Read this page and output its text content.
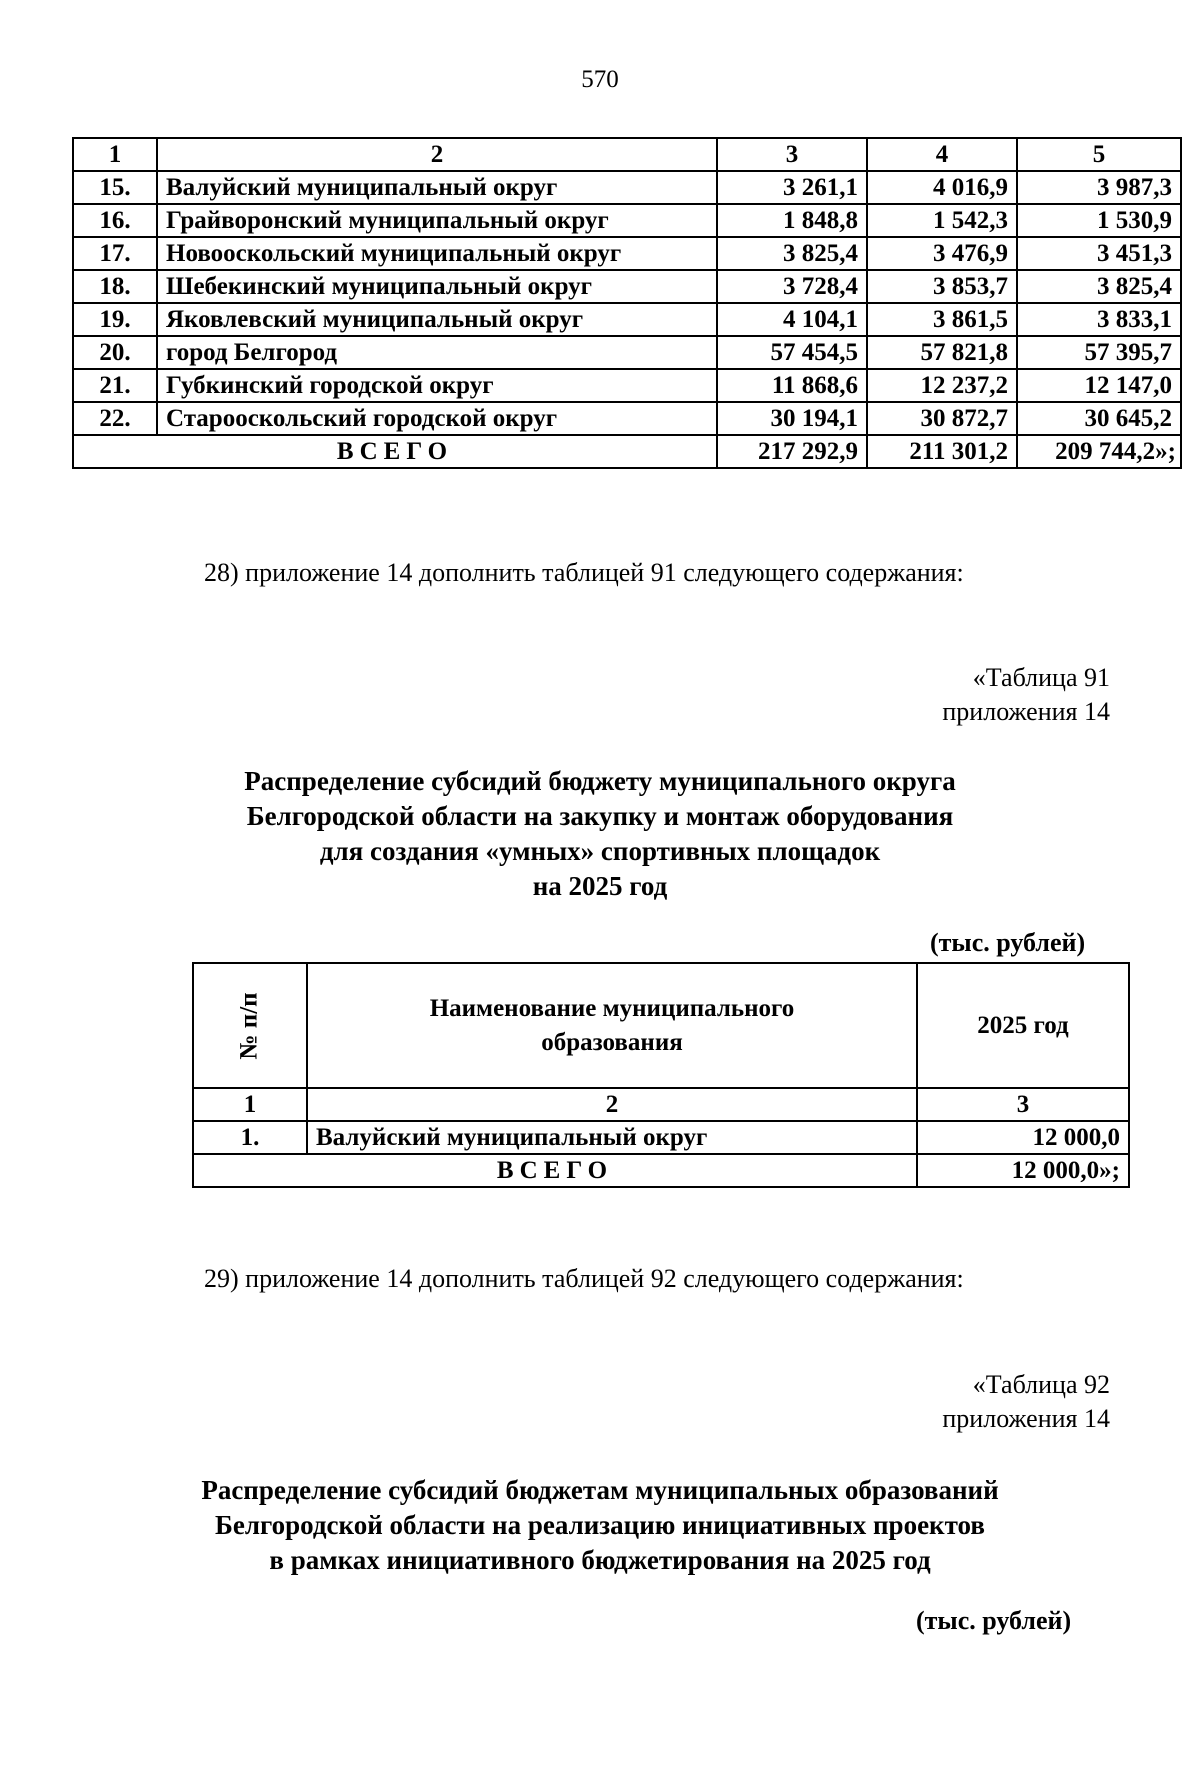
570
1	2	3	4	5
15.	Валуйский муниципальный округ	3 261,1	4 016,9	3 987,3
16.	Грайворонский муниципальный округ	1 848,8	1 542,3	1 530,9
17.	Новооскольский муниципальный округ	3 825,4	3 476,9	3 451,3
18.	Шебекинский муниципальный округ	3 728,4	3 853,7	3 825,4
19.	Яковлевский муниципальный округ	4 104,1	3 861,5	3 833,1
20.	город Белгород	57 454,5	57 821,8	57 395,7
21.	Губкинский городской округ	11 868,6	12 237,2	12 147,0
22.	Старооскольский городской округ	30 194,1	30 872,7	30 645,2
ВСЕГО		217 292,9	211 301,2	209 744,2»;
28) приложение 14 дополнить таблицей 91 следующего содержания:
«Таблица 91
приложения 14
Распределение субсидий бюджету муниципального округа
Белгородской области на закупку и монтаж оборудования
для создания «умных» спортивных площадок
на 2025 год
(тыс. рублей)
№ п/п	Наименование муниципального образования	2025 год
1	2	3
1.	Валуйский муниципальный округ	12 000,0
ВСЕГО		12 000,0»;
29) приложение 14 дополнить таблицей 92 следующего содержания:
«Таблица 92
приложения 14
Распределение субсидий бюджетам муниципальных образований
Белгородской области на реализацию инициативных проектов
в рамках инициативного бюджетирования на 2025 год
(тыс. рублей)
